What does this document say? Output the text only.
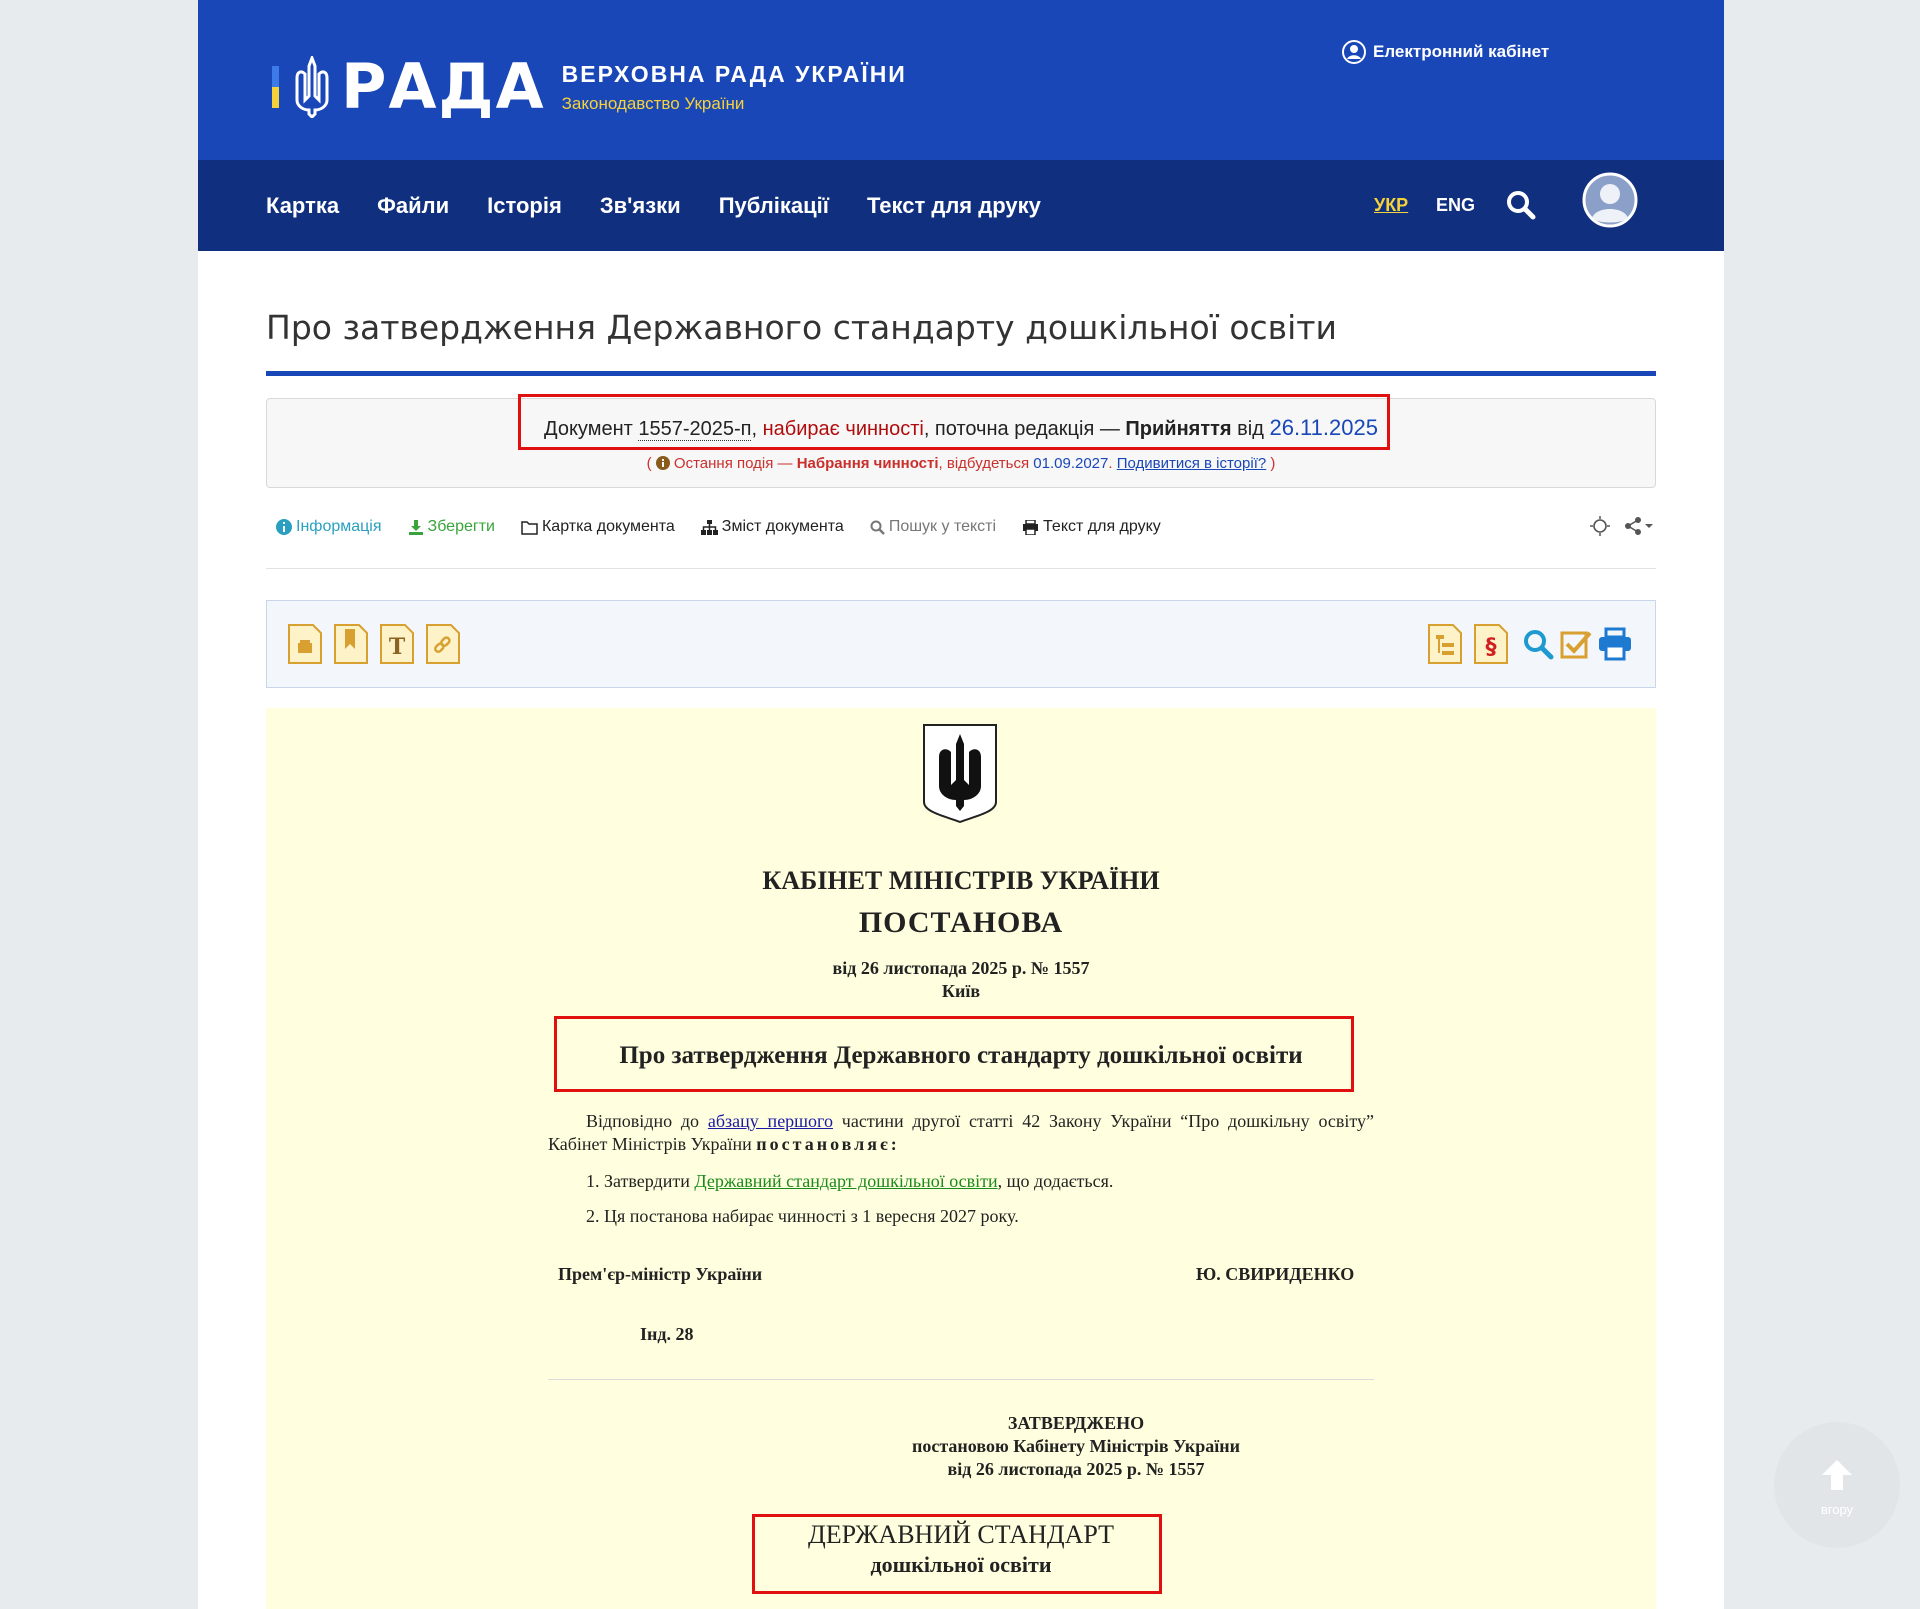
РАДА ВЕРХОВНА РАДА УКРАЇНИ
Законодавство України
Електронний кабінет
Картка Файли Історія Зв'язки Публікації Текст для друку	УКР ENG
Про затвердження Державного стандарту дошкільної освіти
Документ 1557-2025-п, набирає чинності, поточна редакція — Прийняття від 26.11.2025
(  Остання подія — Набрання чинності, відбудеться 01.09.2027. Подивитися в історії? )
Інформація	Зберегти	Картка документа	Зміст документа	Пошук у тексті	Текст для друку
T	§
КАБІНЕТ МІНІСТРІВ УКРАЇНИ
ПОСТАНОВА
від 26 листопада 2025 р. № 1557
Київ
Про затвердження Державного стандарту дошкільної освіти
Відповідно до абзацу першого частини другої статті 42 Закону України “Про дошкільну освіту” Кабінет Міністрів України постановляє:
1. Затвердити Державний стандарт дошкільної освіти, що додається.
2. Ця постанова набирає чинності з 1 вересня 2027 року.
Прем'єр-міністр України	Ю. СВИРИДЕНКО
Інд. 28
ЗАТВЕРДЖЕНО
постановою Кабінету Міністрів України
від 26 листопада 2025 р. № 1557
ДЕРЖАВНИЙ СТАНДАРТ
дошкільної освіти
вгору
